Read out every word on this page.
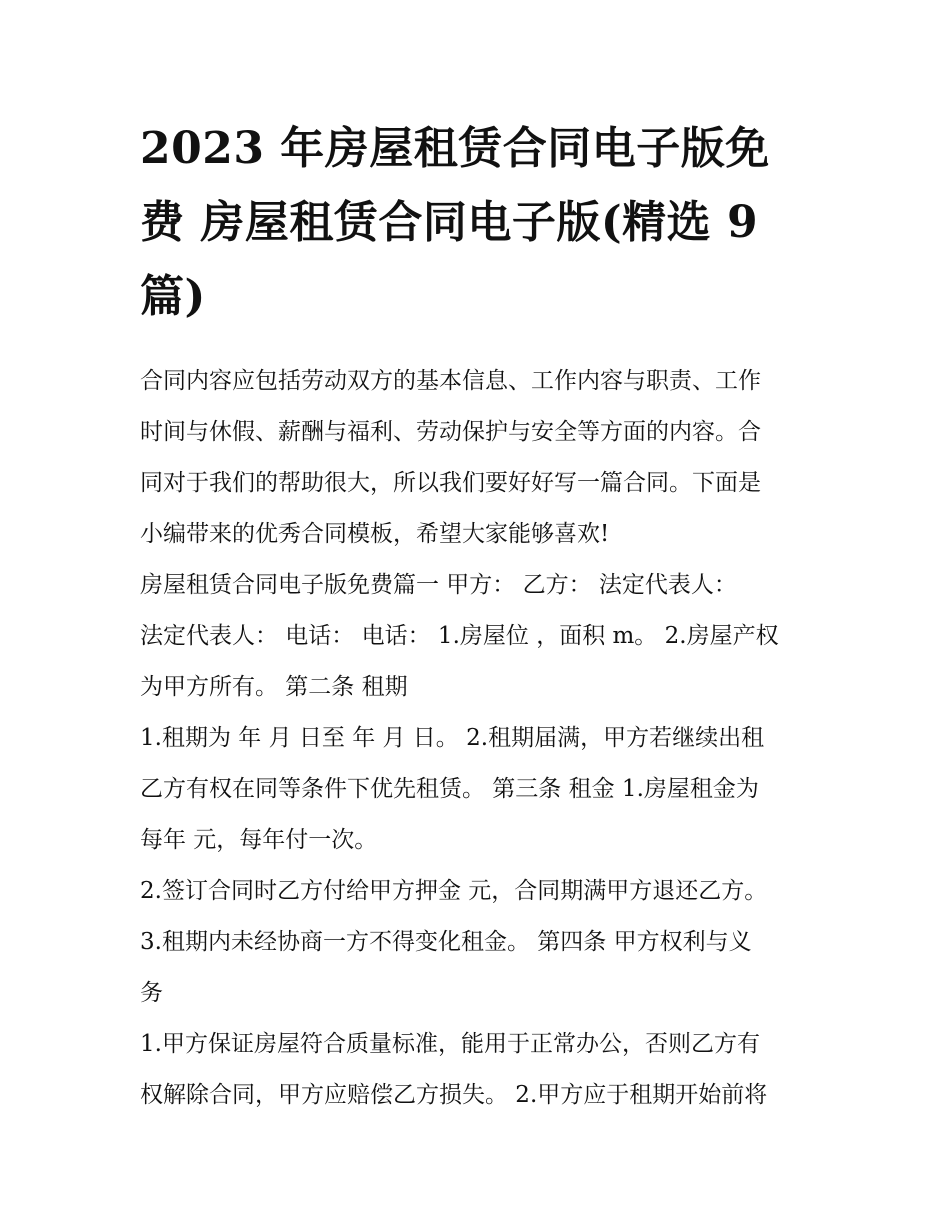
2023 年房屋租赁合同电子版免
费 房屋租赁合同电子版(精选 9
篇)
合同内容应包括劳动双方的基本信息、工作内容与职责、工作
时间与休假、薪酬与福利、劳动保护与安全等方面的内容。合
同对于我们的帮助很大，所以我们要好好写一篇合同。下面是
小编带来的优秀合同模板，希望大家能够喜欢!
房屋租赁合同电子版免费篇一 甲方： 乙方： 法定代表人：
法定代表人： 电话： 电话： 1.房屋位 ，面积 m。 2.房屋产权
为甲方所有。 第二条 租期
1.租期为 年 月 日至 年 月 日。 2.租期届满，甲方若继续出租
乙方有权在同等条件下优先租赁。 第三条 租金 1.房屋租金为
每年 元，每年付一次。
2.签订合同时乙方付给甲方押金 元，合同期满甲方退还乙方。
3.租期内未经协商一方不得变化租金。 第四条 甲方权利与义
务
1.甲方保证房屋符合质量标准，能用于正常办公，否则乙方有
权解除合同，甲方应赔偿乙方损失。 2.甲方应于租期开始前将
